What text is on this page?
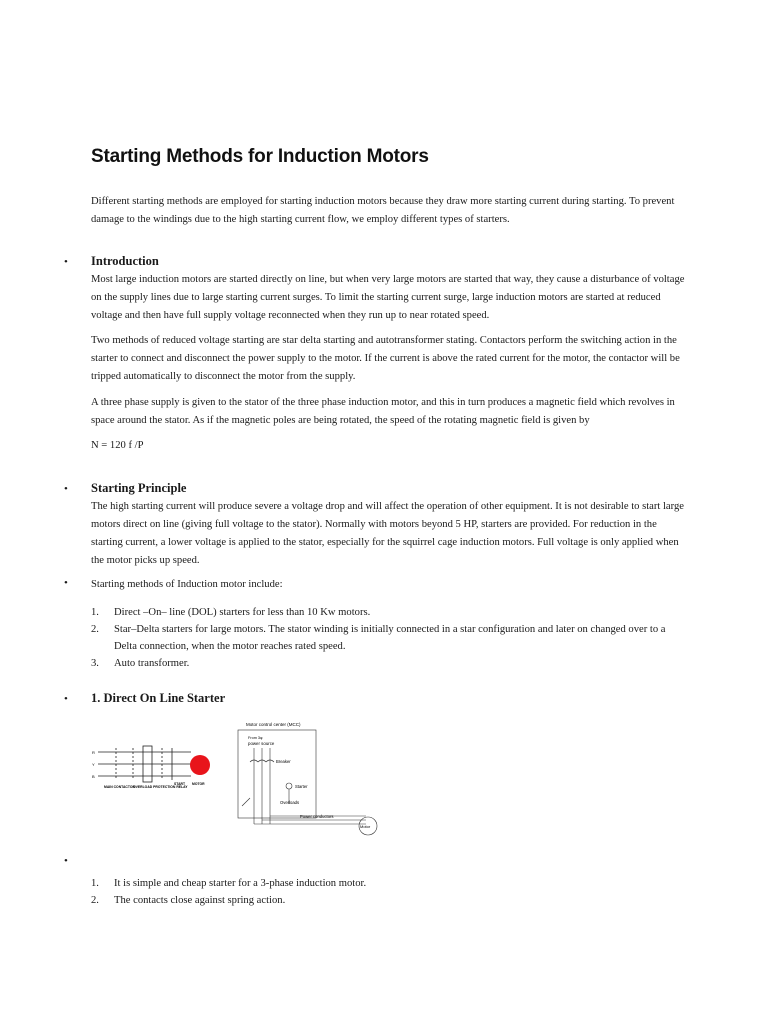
Starting Methods for Induction Motors

Different starting methods are employed for starting induction motors because they draw more starting current during starting. To prevent damage to the windings due to the high starting current flow, we employ different types of starters.

• Introduction

Most large induction motors are started directly on line, but when very large motors are started that way, they cause a disturbance of voltage on the supply lines due to large starting current surges. To limit the starting current surge, large induction motors are started at reduced voltage and then have full supply voltage reconnected when they run up to near rotated speed.

Two methods of reduced voltage starting are star delta starting and autotransformer stating. Contactors perform the switching action in the starter to connect and disconnect the power supply to the motor. If the current is above the rated current for the motor, the contactor will be tripped automatically to disconnect the motor from the supply.

A three phase supply is given to the stator of the three phase induction motor, and this in turn produces a magnetic field which revolves in space around the stator. As if the magnetic poles are being rotated, the speed of the rotating magnetic field is given by

N = 120 f /P

• Starting Principle

The high starting current will produce severe a voltage drop and will affect the operation of other equipment. It is not desirable to start large motors direct on line (giving full voltage to the stator). Normally with motors beyond 5 HP, starters are provided. For reduction in the starting current, a lower voltage is applied to the stator, especially for the squirrel cage induction motors. Full voltage is only applied when the motor picks up speed.

• Starting methods of Induction motor include:

1. Direct –On– line (DOL) starters for less than 10 Kw motors.
2. Star–Delta starters for large motors. The stator winding is initially connected in a star configuration and later on changed over to a Delta connection, when the motor reaches rated speed.
3. Auto transformer.
• 1. Direct On Line Starter
R
Y
B
MAIN CONTACTOR
OVERLOAD PROTECTION RELAY
START MOTOR
Motor control center (MCC)
From 3φ
power source
Breaker
Starter
Overloads
Power conductors
Motor
•
1. It is simple and cheap starter for a 3-phase induction motor.
2. The contacts close against spring action.
